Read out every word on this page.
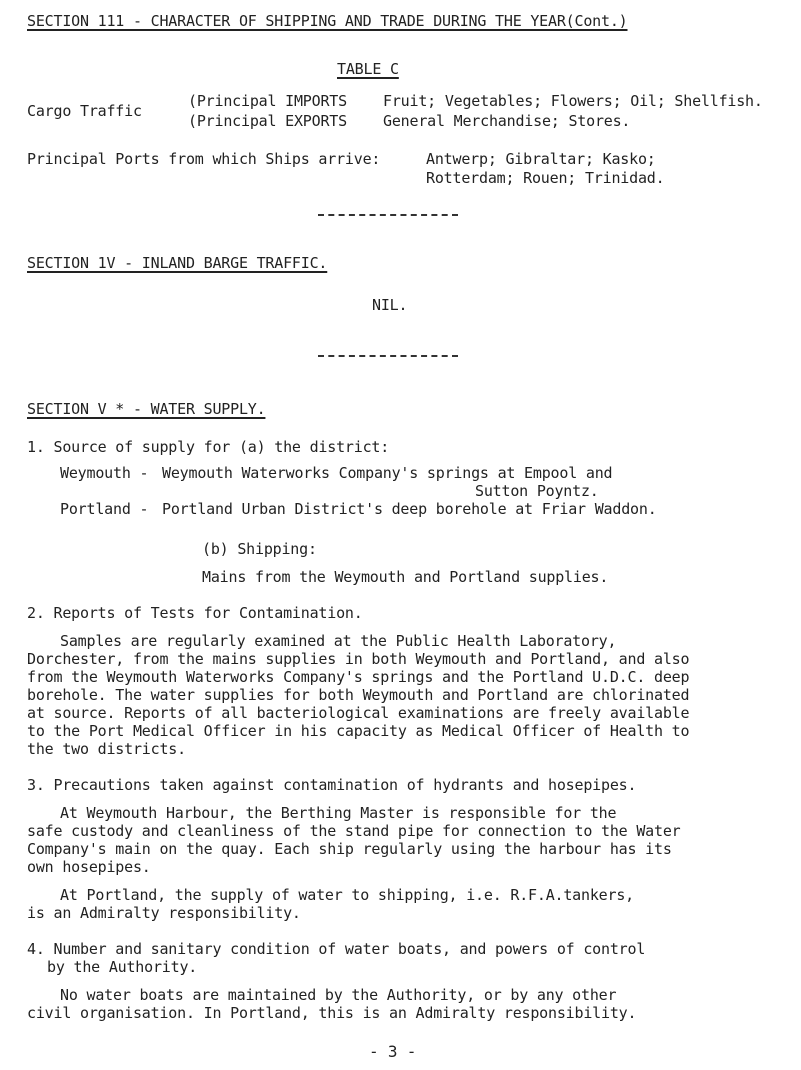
SECTION 111 - CHARACTER OF SHIPPING AND TRADE DURING THE YEAR(Cont.)
TABLE C
Cargo Traffic
(Principal IMPORTS
(Principal EXPORTS
Fruit; Vegetables; Flowers; Oil; Shellfish.
General Merchandise; Stores.
Principal Ports from which Ships arrive:	Antwerp; Gibraltar; Kasko;
Rotterdam; Rouen; Trinidad.
SECTION 1V - INLAND BARGE TRAFFIC.
NIL.
SECTION V * - WATER SUPPLY.
1. Source of supply for (a) the district:
Weymouth - Weymouth Waterworks Company's springs at Empool and
Sutton Poyntz.
Portland - Portland Urban District's deep borehole at Friar Waddon.
(b) Shipping:
Mains from the Weymouth and Portland supplies.
2. Reports of Tests for Contamination.
Samples are regularly examined at the Public Health Laboratory,
Dorchester, from the mains supplies in both Weymouth and Portland, and also
from the Weymouth Waterworks Company's springs and the Portland U.D.C. deep
borehole. The water supplies for both Weymouth and Portland are chlorinated
at source. Reports of all bacteriological examinations are freely available
to the Port Medical Officer in his capacity as Medical Officer of Health to
the two districts.
3. Precautions taken against contamination of hydrants and hosepipes.
At Weymouth Harbour, the Berthing Master is responsible for the
safe custody and cleanliness of the stand pipe for connection to the Water
Company's main on the quay. Each ship regularly using the harbour has its
own hosepipes.
At Portland, the supply of water to shipping, i.e. R.F.A.tankers,
is an Admiralty responsibility.
4. Number and sanitary condition of water boats, and powers of control
by the Authority.
No water boats are maintained by the Authority, or by any other
civil organisation. In Portland, this is an Admiralty responsibility.
- 3 -
